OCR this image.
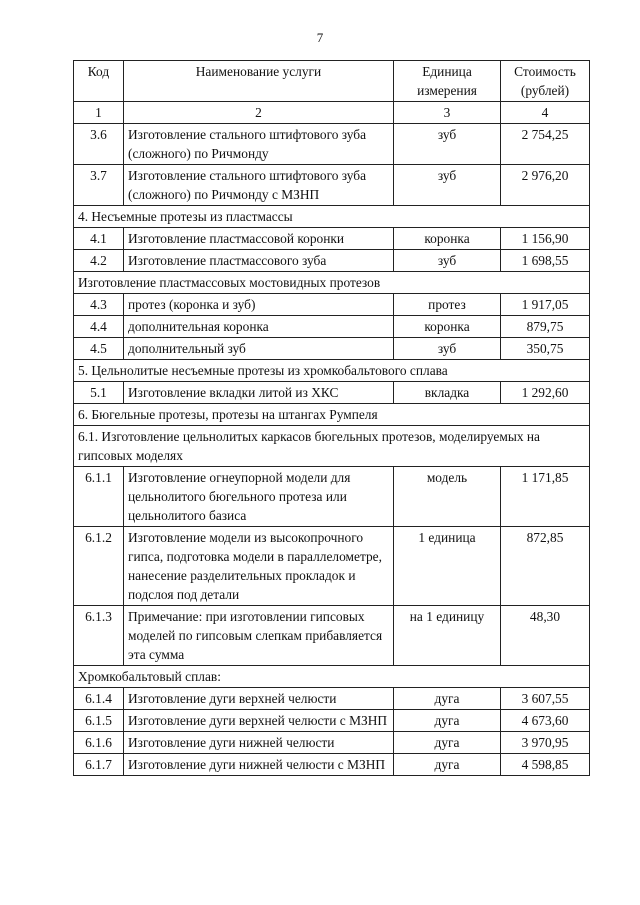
7
Код	Наименование услуги	Единица измерения	Стоимость (рублей)
1	2	3	4
3.6	Изготовление стального штифтового зуба (сложного) по Ричмонду	зуб	2 754,25
3.7	Изготовление стального штифтового зуба (сложного) по Ричмонду с МЗНП	зуб	2 976,20
4. Несъемные протезы из пластмассы			
4.1	Изготовление пластмассовой коронки	коронка	1 156,90
4.2	Изготовление пластмассового зуба	зуб	1 698,55
Изготовление пластмассовых мостовидных протезов			
4.3	протез (коронка и зуб)	протез	1 917,05
4.4	дополнительная коронка	коронка	879,75
4.5	дополнительный зуб	зуб	350,75
5. Цельнолитые несъемные протезы из хромкобальтового сплава			
5.1	Изготовление вкладки литой из ХКС	вкладка	1 292,60
6. Бюгельные протезы, протезы на штангах Румпеля			
6.1. Изготовление цельнолитых каркасов бюгельных протезов, моделируемых на гипсовых моделях			
6.1.1	Изготовление огнеупорной модели для цельнолитого бюгельного протеза или цельнолитого базиса	модель	1 171,85
6.1.2	Изготовление модели из высокопрочного гипса, подготовка модели в параллелометре, нанесение разделительных прокладок и подслоя под детали	1 единица	872,85
6.1.3	Примечание: при изготовлении гипсовых моделей по гипсовым слепкам прибавляется эта сумма	на 1 единицу	48,30
Хромкобальтовый сплав:			
6.1.4	Изготовление дуги верхней челюсти	дуга	3 607,55
6.1.5	Изготовление дуги верхней челюсти с МЗНП	дуга	4 673,60
6.1.6	Изготовление дуги нижней челюсти	дуга	3 970,95
6.1.7	Изготовление дуги нижней челюсти с МЗНП	дуга	4 598,85
